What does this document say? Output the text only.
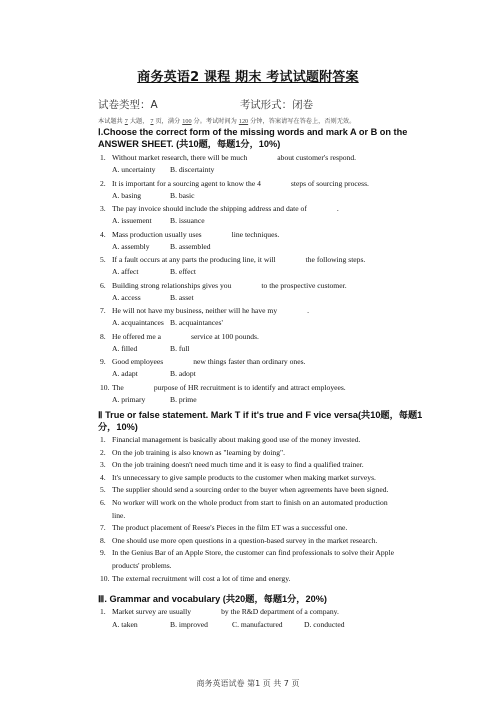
商务英语2 课程 期末 考试试题附答案
试卷类型：A	考试形式：闭卷
本试题共 7 大题， 7 页，满分 100 分。考试时间为 120 分钟，答案请写在答卷上，否则无效。
Ⅰ.Choose the correct form of the missing words and mark A or B on the
ANSWER SHEET. (共10题，每题1分，10%)
1. Without market research, there will be much	about customer's respond.
A. uncertainty B. discertainty
2. It is important for a sourcing agent to know the 4	steps of sourcing process.
A. basing	B. basic
3. The pay invoice should include the shipping address and date of	.
A. issuement B. issuance
4. Mass production usually uses	line techniques.
A. assembly	B. assembled
5. If a fault occurs at any parts the producing line, it will	the following steps.
A. affect	B. effect
6. Building strong relationships gives you	to the prospective customer.
A. access	B. asset
7. He will not have my business, neither will he have my	.
A. acquaintances B. acquaintances'
8. He offered me a	service at 100 pounds.
A. filled	B. full
9. Good employees	new things faster than ordinary ones.
A. adapt	B. adopt
10. The	purpose of HR recruitment is to identify and attract employees.
A. primary	B. prime
Ⅱ True or false statement. Mark T if it's true and F vice versa(共10题，每题1
分，10%)
1. Financial management is basically about making good use of the money invested.
2. On the job training is also known as "learning by doing".
3. On the job training doesn't need much time and it is easy to find a qualified trainer.
4. It's unnecessary to give sample products to the customer when making market surveys.
5. The supplier should send a sourcing order to the buyer when agreements have been signed.
6. No worker will work on the whole product from start to finish on an automated production
line.
7. The product placement of Reese's Pieces in the film ET was a successful one.
8. One should use more open questions in a question-based survey in the market research.
9. In the Genius Bar of an Apple Store, the customer can find professionals to solve their Apple
products' problems.
10. The external recruitment will cost a lot of time and energy.
Ⅲ. Grammar and vocabulary (共20题，每题1分，20%)
1. Market survey are usually	by the R&D department of a company.
A. taken	B. improved	C. manufactured	D. conducted
商务英语试卷 第1 页 共 7 页
